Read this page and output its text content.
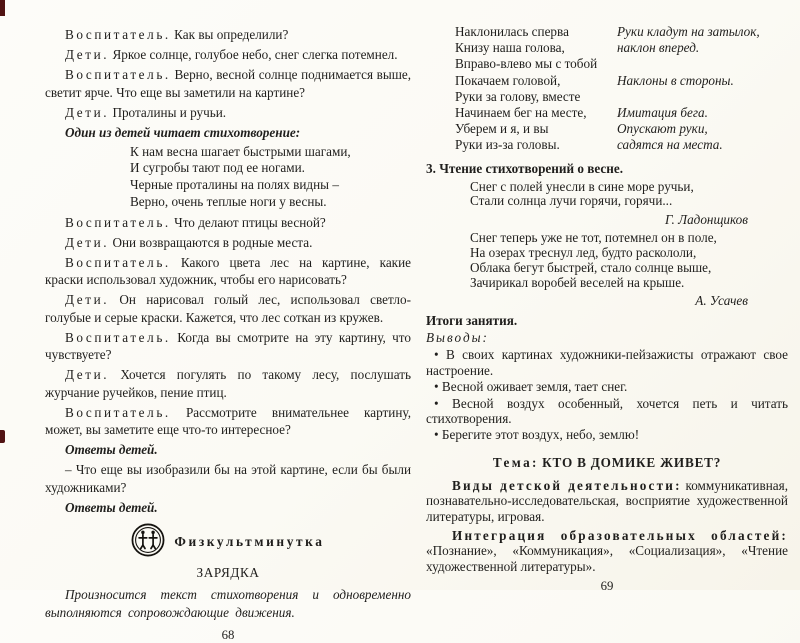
Воспитатель. Как вы определили?

Дети. Яркое солнце, голубое небо, снег слегка потемнел.

Воспитатель. Верно, весной солнце поднимается выше, светит ярче. Что еще вы заметили на картине?

Дети. Проталины и ручьи.

Один из детей читает стихотворение:

К нам весна шагает быстрыми шагами,
И сугробы тают под ее ногами.
Черные проталины на полях видны –
Верно, очень теплые ноги у весны.

Воспитатель. Что делают птицы весной?

Дети. Они возвращаются в родные места.

Воспитатель. Какого цвета лес на картине, какие краски использовал художник, чтобы его нарисовать?

Дети. Он нарисовал голый лес, использовал светло-голубые и серые краски. Кажется, что лес соткан из кружев.

Воспитатель. Когда вы смотрите на эту картину, что чувствуете?

Дети. Хочется погулять по такому лесу, послушать журчание ручейков, пение птиц.

Воспитатель. Рассмотрите внимательнее картину, может, вы заметите еще что-то интересное?

Ответы детей.

– Что еще вы изобразили бы на этой картине, если бы были художниками?

Ответы детей.

Физкультминутка
ЗАРЯДКА

Произносится текст стихотворения и одновременно выполняются сопровождающие движения.

68
Наклонилась сперва	Руки кладут на затылок,
Книзу наша голова,	наклон вперед.
Вправо-влево мы с тобой
Покачаем головой,	Наклоны в стороны.
Руки за голову, вместе
Начинаем бег на месте,	Имитация бега.
Уберем и я, и вы	Опускают руки,
Руки из-за головы.	садятся на места.
3. Чтение стихотворений о весне.
Снег с полей унесли в сине море ручьи,
Стали солнца лучи горячи, горячи...
Г. Ладонщиков
Снег теперь уже не тот, потемнел он в поле,
На озерах треснул лед, будто раскололи,
Облака бегут быстрей, стало солнце выше,
Зачирикал воробей веселей на крыше.
А. Усачев
Итоги занятия.
Выводы:

• В своих картинах художники-пейзажисты отражают свое настроение.

• Весной оживает земля, тает снег.

• Весной воздух особенный, хочется петь и читать стихотворения.

• Берегите этот воздух, небо, землю!

Тема: КТО В ДОМИКЕ ЖИВЕТ?

Виды детской деятельности: коммуникативная, познавательно-исследовательская, восприятие художественной литературы, игровая.

Интеграция образовательных областей: «Познание», «Коммуникация», «Социализация», «Чтение художественной литературы».

69
